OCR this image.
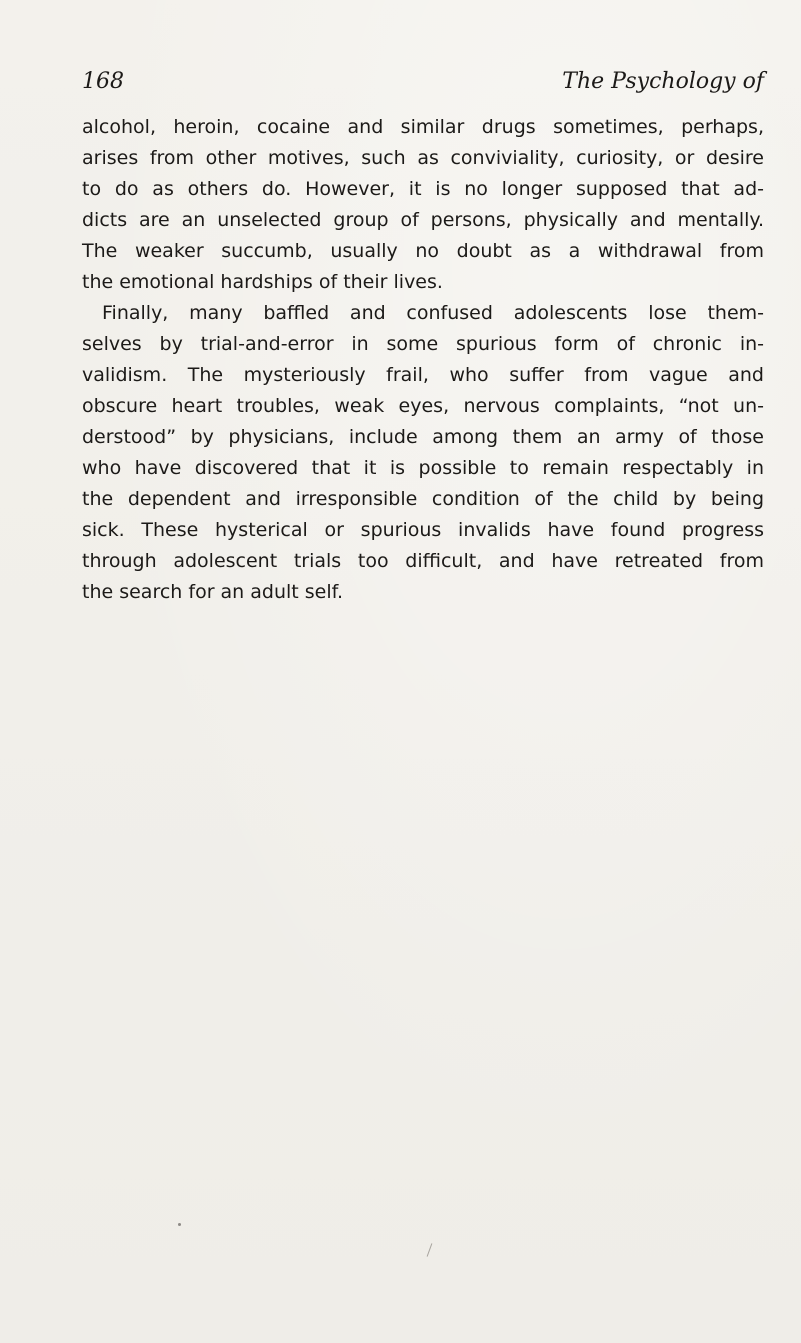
168	The Psychology of
alcohol, heroin, cocaine and similar drugs sometimes, perhaps,
arises from other motives, such as conviviality, curiosity, or desire
to do as others do. However, it is no longer supposed that ad-
dicts are an unselected group of persons, physically and mentally.
The weaker succumb, usually no doubt as a withdrawal from
the emotional hardships of their lives.
Finally, many baffled and confused adolescents lose them-
selves by trial-and-error in some spurious form of chronic in-
validism. The mysteriously frail, who suffer from vague and
obscure heart troubles, weak eyes, nervous complaints, “not un-
derstood” by physicians, include among them an army of those
who have discovered that it is possible to remain respectably in
the dependent and irresponsible condition of the child by being
sick. These hysterical or spurious invalids have found progress
through adolescent trials too difficult, and have retreated from
the search for an adult self.
